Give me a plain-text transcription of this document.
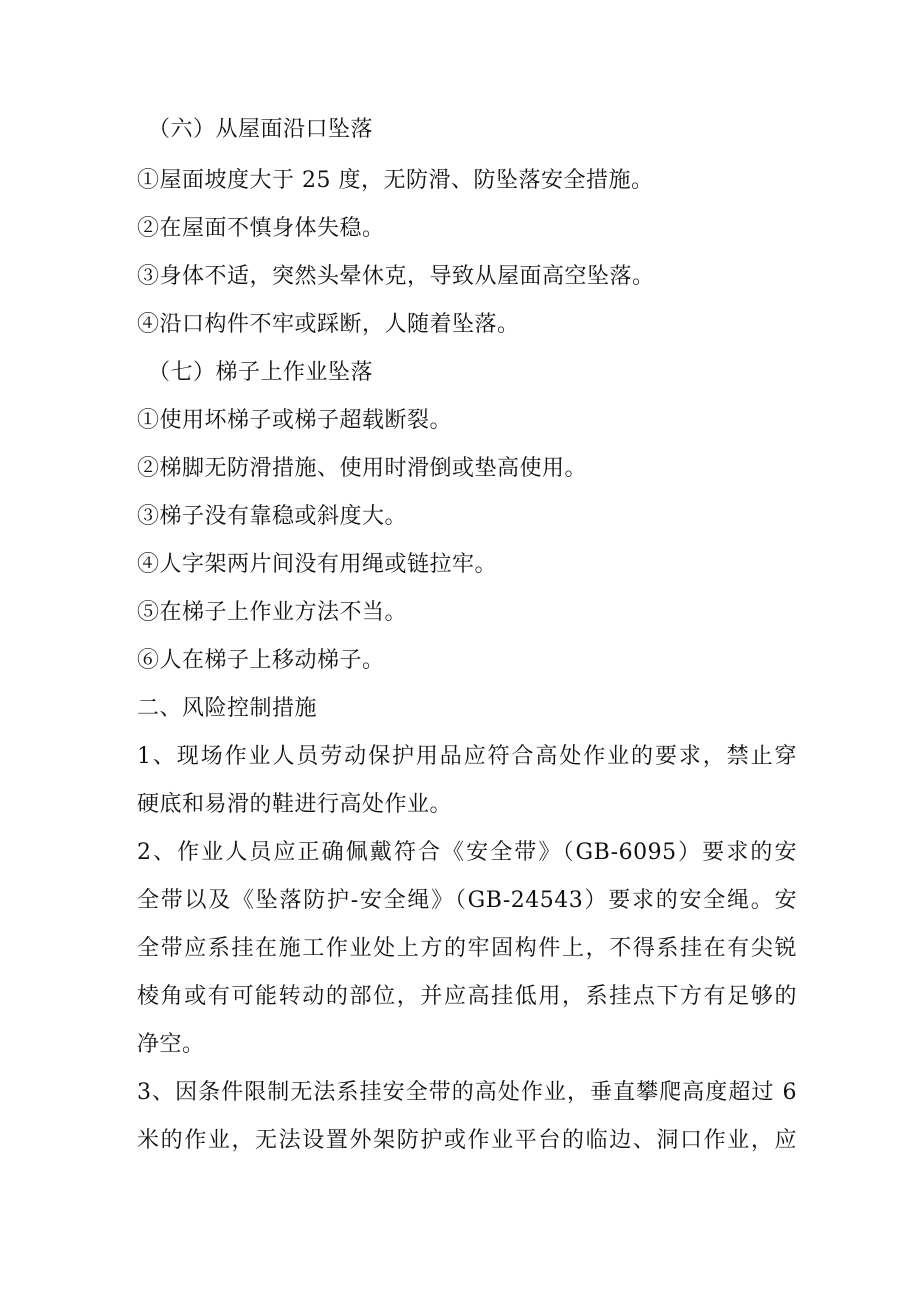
（六）从屋面沿口坠落
①屋面坡度大于 25 度，无防滑、防坠落安全措施。
②在屋面不慎身体失稳。
③身体不适，突然头晕休克，导致从屋面高空坠落。
④沿口构件不牢或踩断，人随着坠落。
（七）梯子上作业坠落
①使用坏梯子或梯子超载断裂。
②梯脚无防滑措施、使用时滑倒或垫高使用。
③梯子没有靠稳或斜度大。
④人字架两片间没有用绳或链拉牢。
⑤在梯子上作业方法不当。
⑥人在梯子上移动梯子。
二、风险控制措施
1、现场作业人员劳动保护用品应符合高处作业的要求，禁止穿
硬底和易滑的鞋进行高处作业。
2、作业人员应正确佩戴符合《安全带》（GB-6095）要求的安
全带以及《坠落防护-安全绳》（GB-24543）要求的安全绳。安
全带应系挂在施工作业处上方的牢固构件上，不得系挂在有尖锐
棱角或有可能转动的部位，并应高挂低用，系挂点下方有足够的
净空。
3、因条件限制无法系挂安全带的高处作业，垂直攀爬高度超过 6
米的作业，无法设置外架防护或作业平台的临边、洞口作业，应
